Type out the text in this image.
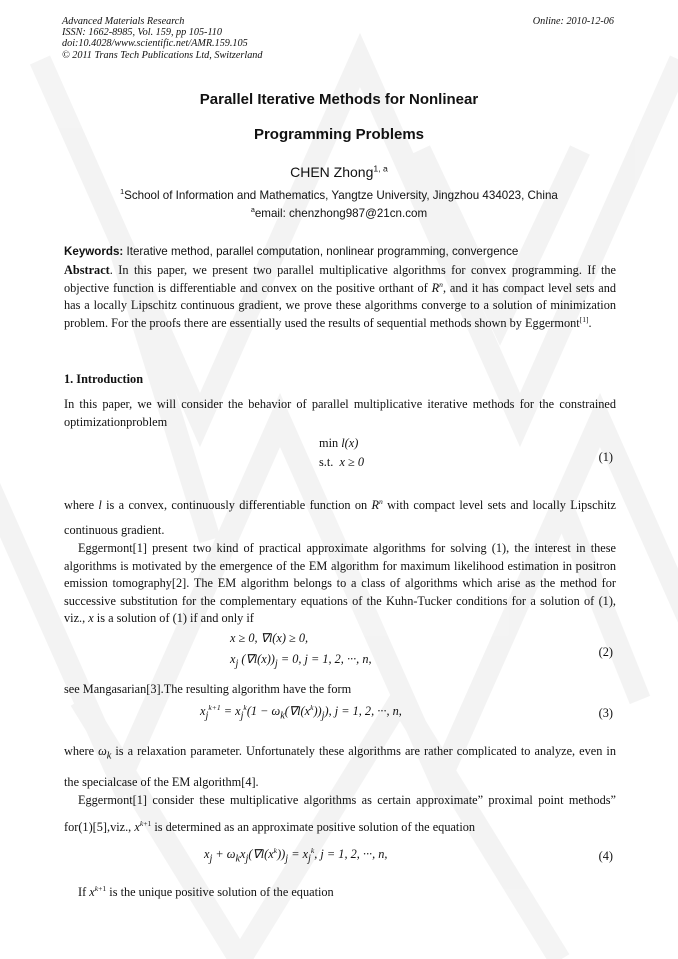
Advanced Materials Research
ISSN: 1662-8985, Vol. 159, pp 105-110
doi:10.4028/www.scientific.net/AMR.159.105
© 2011 Trans Tech Publications Ltd, Switzerland
Online: 2010-12-06
Parallel Iterative Methods for Nonlinear
Programming Problems
CHEN Zhong$^{1, a}$
$^1$School of Information and Mathematics, Yangtze University, Jingzhou 434023, China
$^a$email: chenzhong987@21cn.com
Keywords: Iterative method, parallel computation, nonlinear programming, convergence
Abstract. In this paper, we present two parallel multiplicative algorithms for convex programming. If the objective function is differentiable and convex on the positive orthant of $R^n$, and it has compact level sets and has a locally Lipschitz continuous gradient, we prove these algorithms converge to a solution of minimization problem. For the proofs there are essentially used the results of sequential methods shown by Eggermont[1].
1. Introduction
In this paper, we will consider the behavior of parallel multiplicative iterative methods for the constrained optimizationproblem
min l(x)
s.t. x ≥ 0	(1)
where l is a convex, continuously differentiable function on $R^n$ with compact level sets and locally Lipschitz continuous gradient.
Eggermont[1] present two kind of practical approximate algorithms for solving (1), the interest in these algorithms is motivated by the emergence of the EM algorithm for maximum likelihood estimation in positron emission tomography[2]. The EM algorithm belongs to a class of algorithms which arise as the method for successive substitution for the complementary equations of the Kuhn-Tucker conditions for a solution of (1), viz., x is a solution of (1) if and only if
x ≥ 0, ∇l(x) ≥ 0,
$x_j$ $(\nabla l(x))_j = 0$, j = 1, 2, ···, n,	(2)
see Mangasarian[3].The resulting algorithm have the form
$x_j^{k+1} = x_j^k(1 - \omega_k(\nabla l(x^k))_j)$, j = 1, 2, ···, n,	(3)
where $\omega_k$ is a relaxation parameter. Unfortunately these algorithms are rather complicated to analyze, even in the specialcase of the EM algorithm[4].
Eggermont[1] consider these multiplicative algorithms as certain approximate” proximal point methods” for(1)[5],viz., $x^{k+1}$ is determined as an approximate positive solution of the equation
$x_j + \omega_kx_j(\nabla l(x^k))_j = x_j^k$, j = 1, 2, ···, n,	(4)
If $x^{k+1}$ is the unique positive solution of the equation
